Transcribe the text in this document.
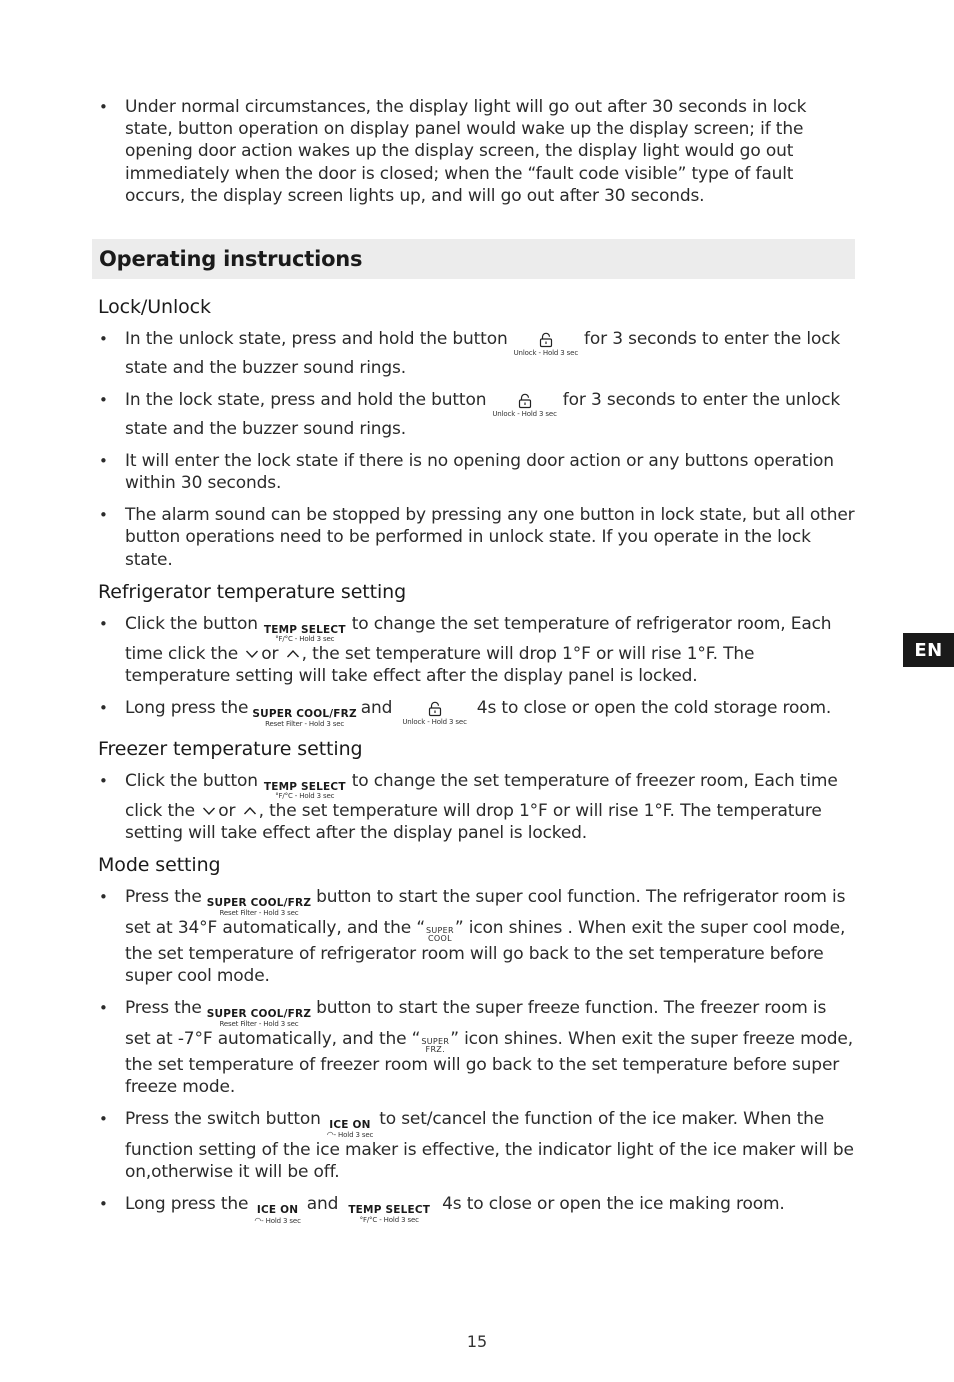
• Under normal circumstances, the display light will go out after 30 seconds in lock state, button operation on display panel would wake up the display screen; if the opening door action wakes up the display screen, the display light would go out immediately when the door is closed; when the “fault code visible” type of fault occurs, the display screen lights up, and will go out after 30 seconds.
Operating instructions
Lock/Unlock
• In the unlock state, press and hold the button
Unlock - Hold 3 sec
for 3 seconds to enter the lock state and the buzzer sound rings.
• In the lock state, press and hold the button
Unlock - Hold 3 sec
for 3 seconds to enter the unlock state and the buzzer sound rings.
• It will enter the lock state if there is no opening door action or any buttons operation within 30 seconds.
• The alarm sound can be stopped by pressing any one button in lock state, but all other button operations need to be performed in unlock state. If you operate in the lock state.
Refrigerator temperature setting
• Click the button TEMP SELECT
°F/°C - Hold 3 sec
to change the set temperature of refrigerator room, Each time click the or , the set temperature will drop 1°F or will rise 1°F. The temperature setting will take effect after the display panel is locked.
• Long press the SUPER COOL/FRZ
Reset Filter - Hold 3 sec
and
Unlock - Hold 3 sec
4s to close or open the cold storage room.
Freezer temperature setting
• Click the button TEMP SELECT
°F/°C - Hold 3 sec
to change the set temperature of freezer room, Each time click the or , the set temperature will drop 1°F or will rise 1°F. The temperature setting will take effect after the display panel is locked.
Mode setting
• Press the SUPER COOL/FRZ
Reset Filter - Hold 3 sec
button to start the super cool function. The refrigerator room is set at 34°F automatically, and the “ SUPER
COOL
” icon shines . When exit the super cool mode, the set temperature of refrigerator room will go back to the set temperature before super cool mode.
• Press the SUPER COOL/FRZ
Reset Filter - Hold 3 sec
button to start the super freeze function. The freezer room is set at -7°F automatically, and the “ SUPER
FRZ.
” icon shines. When exit the super freeze mode, the set temperature of freezer room will go back to the set temperature before super freeze mode.
• Press the switch button ICE ON
◠- Hold 3 sec
to set/cancel the function of the ice maker. When the function setting of the ice maker is effective, the indicator light of the ice maker will be on,otherwise it will be off.
• Long press the ICE ON
◠- Hold 3 sec
and TEMP SELECT
°F/°C - Hold 3 sec
4s to close or open the ice making room.
EN
15
